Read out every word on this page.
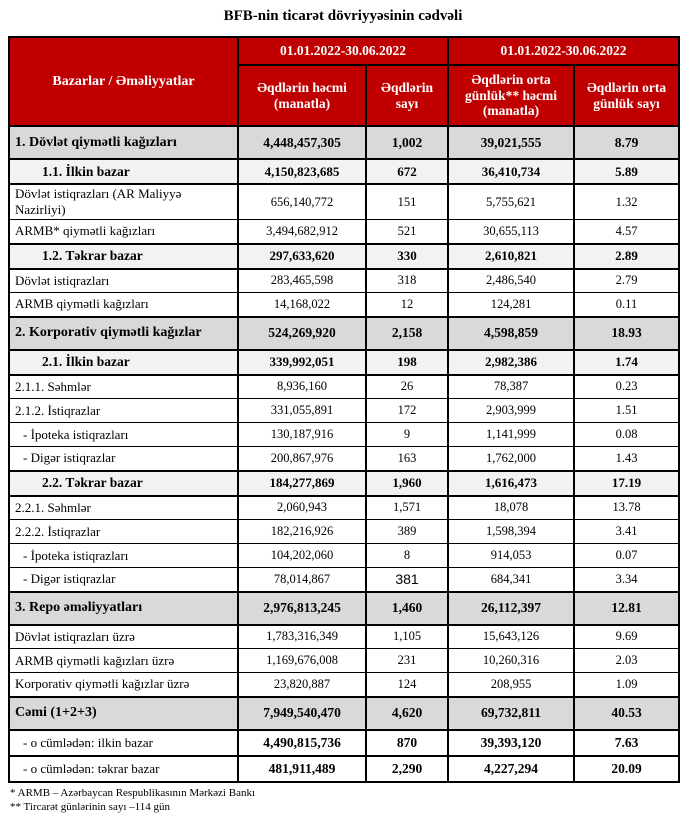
BFB-nin ticarət dövriyyəsinin cədvəli
Bazarlar / Əməliyyatlar	01.01.2022-30.06.2022		01.01.2022-30.06.2022	
	Əqdlərin həcmi (manatla)	Əqdlərin sayı	Əqdlərin orta günlük** həcmi (manatla)	Əqdlərin orta günlük sayı
1. Dövlət qiymətli kağızları	4,448,457,305	1,002	39,021,555	8.79
1.1. İlkin bazar	4,150,823,685	672	36,410,734	5.89
Dövlət istiqrazları (AR Maliyyə Nazirliyi)	656,140,772	151	5,755,621	1.32
ARMB* qiymətli kağızları	3,494,682,912	521	30,655,113	4.57
1.2. Təkrar bazar	297,633,620	330	2,610,821	2.89
Dövlət istiqrazları	283,465,598	318	2,486,540	2.79
ARMB qiymətli kağızları	14,168,022	12	124,281	0.11
2. Korporativ qiymətli kağızlar	524,269,920	2,158	4,598,859	18.93
2.1. İlkin bazar	339,992,051	198	2,982,386	1.74
2.1.1. Səhmlər	8,936,160	26	78,387	0.23
2.1.2. İstiqrazlar	331,055,891	172	2,903,999	1.51
- İpoteka istiqrazları	130,187,916	9	1,141,999	0.08
- Digər istiqrazlar	200,867,976	163	1,762,000	1.43
2.2. Təkrar bazar	184,277,869	1,960	1,616,473	17.19
2.2.1. Səhmlər	2,060,943	1,571	18,078	13.78
2.2.2. İstiqrazlar	182,216,926	389	1,598,394	3.41
- İpoteka istiqrazları	104,202,060	8	914,053	0.07
- Digər istiqrazlar	78,014,867	381	684,341	3.34
3. Repo əməliyyatları	2,976,813,245	1,460	26,112,397	12.81
Dövlət istiqrazları üzrə	1,783,316,349	1,105	15,643,126	9.69
ARMB qiymətli kağızları üzrə	1,169,676,008	231	10,260,316	2.03
Korporativ qiymətli kağızlar üzrə	23,820,887	124	208,955	1.09
Cəmi (1+2+3)	7,949,540,470	4,620	69,732,811	40.53
- o cümlədən: ilkin bazar	4,490,815,736	870	39,393,120	7.63
- o cümlədən: təkrar bazar	481,911,489	2,290	4,227,294	20.09
* ARMB – Azərbaycan Respublikasının Mərkəzi Bankı
** Tircarət günlərinin sayı –114 gün
